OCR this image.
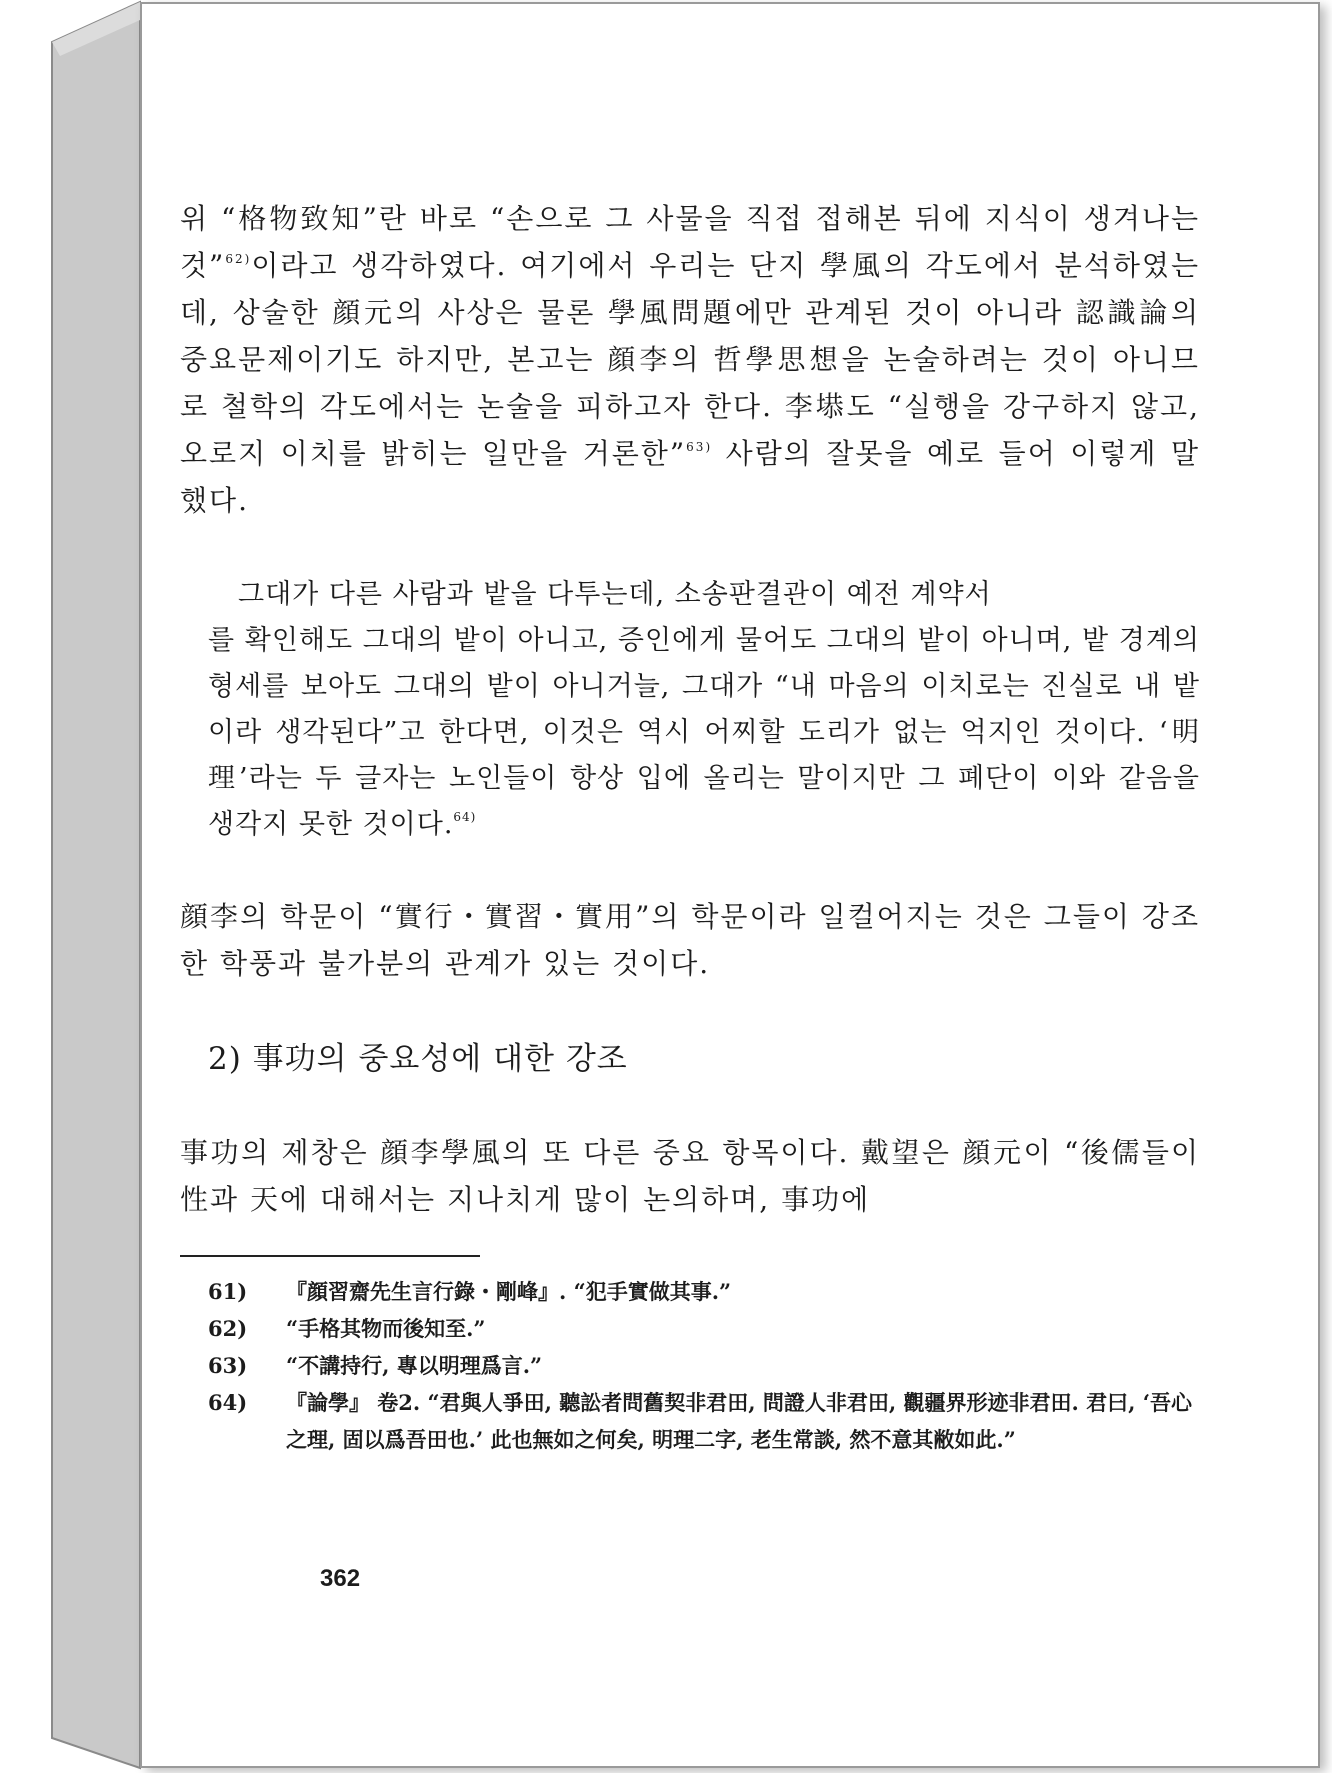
위 “格物致知”란 바로 “손으로 그 사물을 직접 접해본 뒤에 지식이 생겨나는 것”$^{62)}$이라고 생각하였다. 여기에서 우리는 단지 學風의 각도에서 분석하였는데, 상술한 顔元의 사상은 물론 學風問題에만 관계된 것이 아니라 認識論의 중요문제이기도 하지만, 본고는 顔李의 哲學思想을 논술하려는 것이 아니므로 철학의 각도에서는 논술을 피하고자 한다. 李塨도 “실행을 강구하지 않고, 오로지 이치를 밝히는 일만을 거론한”$^{63)}$ 사람의 잘못을 예로 들어 이렇게 말했다.

그대가 다른 사람과 밭을 다투는데, 소송판결관이 예전 계약서
를 확인해도 그대의 밭이 아니고, 증인에게 물어도 그대의 밭이 아니며, 밭 경계의 형세를 보아도 그대의 밭이 아니거늘, 그대가 “내 마음의 이치로는 진실로 내 밭이라 생각된다”고 한다면, 이것은 역시 어찌할 도리가 없는 억지인 것이다. ‘明理’라는 두 글자는 노인들이 항상 입에 올리는 말이지만 그 폐단이 이와 같음을 생각지 못한 것이다.$^{64)}$

顔李의 학문이 “實行・實習・實用”의 학문이라 일컬어지는 것은 그들이 강조한 학풍과 불가분의 관계가 있는 것이다.

2) 事功의 중요성에 대한 강조

事功의 제창은 顔李學風의 또 다른 중요 항목이다. 戴望은 顔元이 “後儒들이 性과 天에 대해서는 지나치게 많이 논의하며, 事功에

61)	『顔習齋先生言行錄・剛峰』. “犯手實做其事.”
62)	“手格其物而後知至.”
63)	“不講持行, 專以明理爲言.”
64)	『論學』 卷2. “君與人爭田, 聽訟者問舊契非君田, 問證人非君田, 觀疆界形迹非君田. 君曰, ‘吾心之理, 固以爲吾田也.’ 此也無如之何矣, 明理二字, 老生常談, 然不意其敝如此.”
362
